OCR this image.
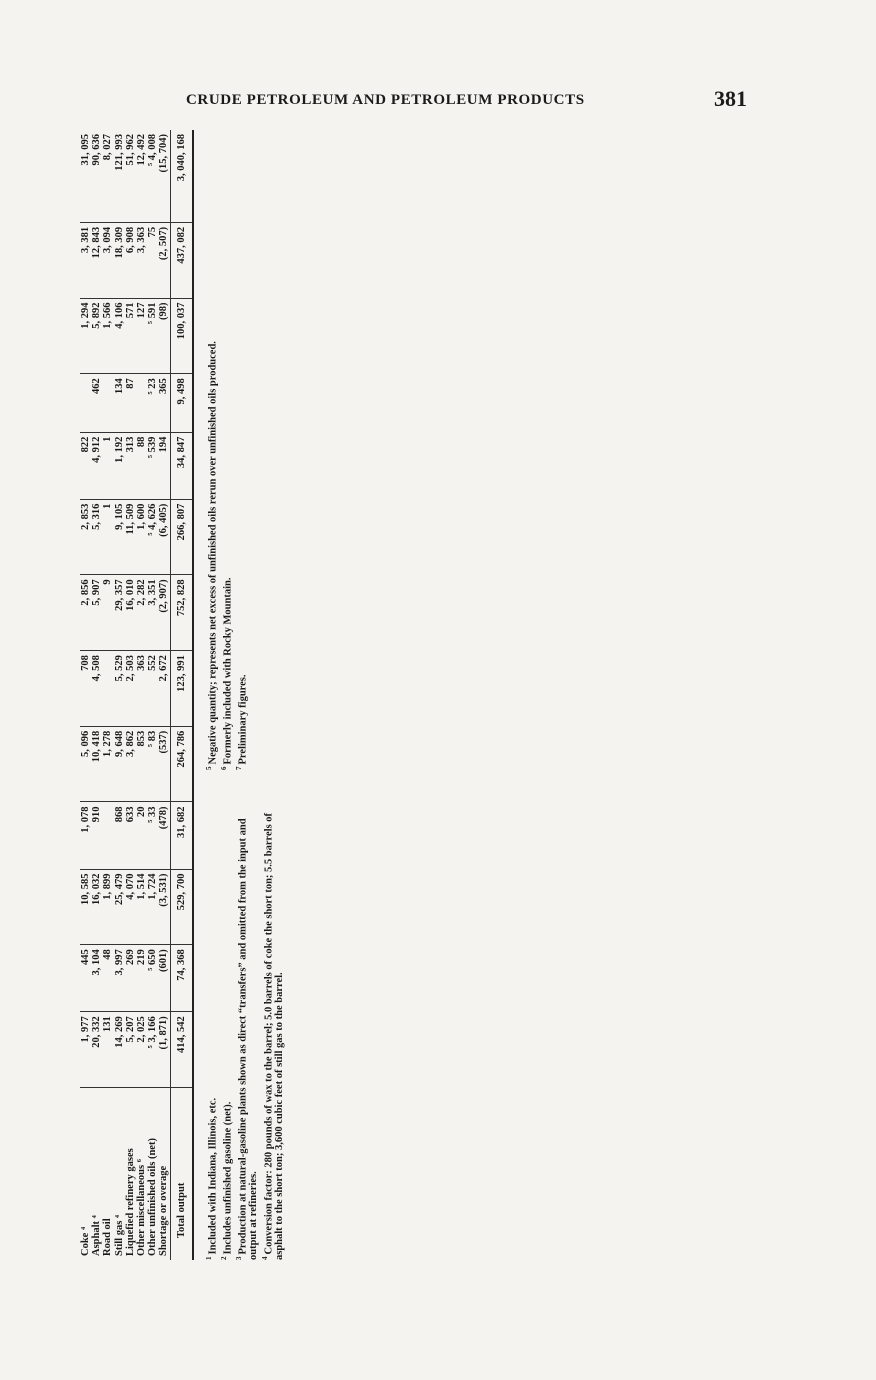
CRUDE PETROLEUM AND PETROLEUM PRODUCTS	381
Coke ⁴	1, 977	445	10, 585	1, 078	5, 096	708	2, 856	2, 853	822		1, 294	3, 381	31, 095
Asphalt ⁴	20, 332	3, 104	16, 032	910	10, 418	4, 508	5, 907	5, 316	4, 912	462	5, 892	12, 843	90, 636
Road oil	131	48	1, 899		1, 278		9	1	1		1, 566	3, 094	8, 027
Still gas ⁴	14, 269	3, 997	25, 479	868	9, 648	5, 529	29, 357	9, 105	1, 192	134	4, 106	18, 309	121, 993
Liquefied refinery gases	5, 207	269	4, 070	633	3, 862	2, 503	16, 010	11, 509	313	87	571	6, 908	51, 962
Other miscellaneous ⁶	2, 025	219	1, 514	20	853	363	2, 282	1, 600	88		127	3, 363	12, 492
Other unfinished oils (net)	⁵ 3, 166	⁵ 650	1, 724	⁵ 33	⁵ 83	552	3, 351	⁵ 4, 626	⁵ 539	⁵ 23	⁵ 591	75	⁵ 4, 008
Shortage or overage	(1, 871)	(601)	(3, 531)	(478)	(537)	2, 672	(2, 907)	(6, 405)	194	365	(98)	(2, 507)	(15, 704)
Total output	414, 542	74, 368	529, 700	31, 682	264, 786	123, 991	752, 828	266, 807	34, 847	9, 498	100, 037	437, 082	3, 040, 168

$^1$Included with Indiana, Illinois, etc.

$^2$Includes unfinished gasoline (net).

$^3$Production at natural-gasoline plants shown as direct “transfers” and omitted from the input and output at refineries. $^4$Conversion factor: 280 pounds of wax to the barrel; 5.0 barrels of coke the short ton; 5.5 barrels of asphalt to the short ton; 3,600 cubic feet of still gas to the barrel.

$^5$Negative quantity; represents net excess of unfinished oils rerun over unfinished oils produced.

$^6$Formerly included with Rocky Mountain.

$^7$Preliminary figures.
